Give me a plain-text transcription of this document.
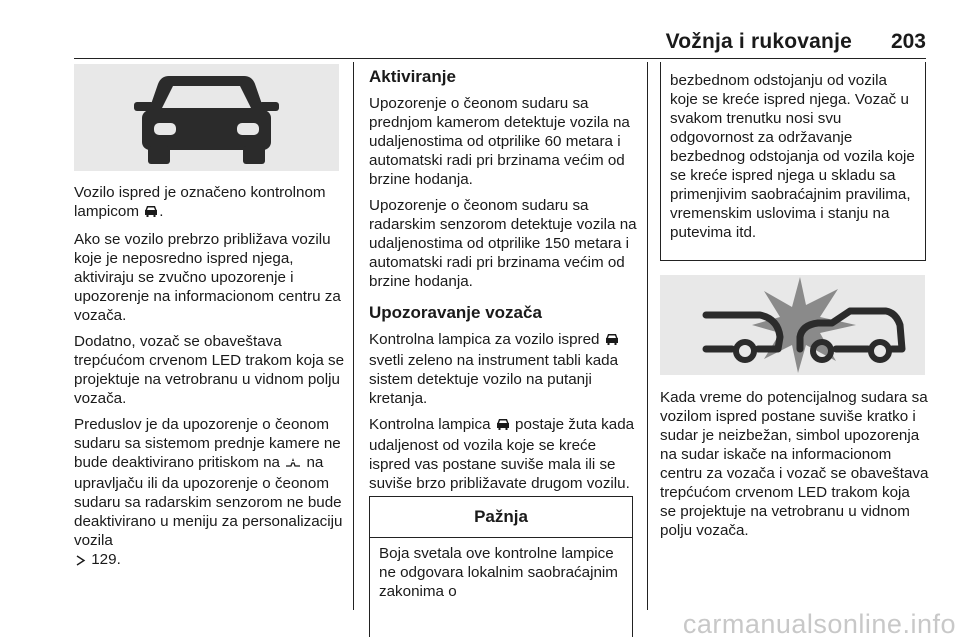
Vožnja i rukovanje 203

Vozilo ispred je označeno kontrolnom lampicom .

Ako se vozilo prebrzo približava vozilu koje je neposredno ispred njega, aktiviraju se zvučno upozorenje i upozorenje na informacionom centru za vozača.

Dodatno, vozač se obaveštava trepćućom crvenom LED trakom koja se projektuje na vetrobranu u vidnom polju vozača.

Preduslov je da upozorenje o čeonom sudaru sa sistemom prednje kamere ne bude deaktivirano pritiskom na na upravljaču ili da upozorenje o čeonom sudaru sa radarskim senzorom ne bude deaktivirano u meniju za personalizaciju vozila
129.

Aktiviranje

Upozorenje o čeonom sudaru sa prednjom kamerom detektuje vozila na udaljenostima od otprilike 60 metara i automatski radi pri brzinama većim od brzine hodanja.

Upozorenje o čeonom sudaru sa radarskim senzorom detektuje vozila na udaljenostima od otprilike 150 metara i automatski radi pri brzinama većim od brzine hodanja.

Upozoravanje vozača

Kontrolna lampica za vozilo ispred  svetli zeleno na instrument tabli kada sistem detektuje vozilo na putanji kretanja.

Kontrolna lampica postaje žuta kada udaljenost od vozila koje se kreće ispred vas postane suviše mala ili se suviše brzo približavate drugom vozilu.

Pažnja
Boja svetala ove kontrolne lampice ne odgovara lokalnim saobraćajnim zakonima o
bezbednom odstojanju od vozila koje se kreće ispred njega. Vozač u svakom trenutku nosi svu odgovornost za održavanje bezbednog odstojanja od vozila koje se kreće ispred njega u skladu sa primenjivim saobraćajnim pravilima, vremenskim uslovima i stanju na putevima itd.

Kada vreme do potencijalnog sudara sa vozilom ispred postane suviše kratko i sudar je neizbežan, simbol upozorenja na sudar iskače na informacionom centru za vozača i vozač se obaveštava trepćućom crvenom LED trakom koja se projektuje na vetrobranu u vidnom polju vozača.

carmanualsonline.info
